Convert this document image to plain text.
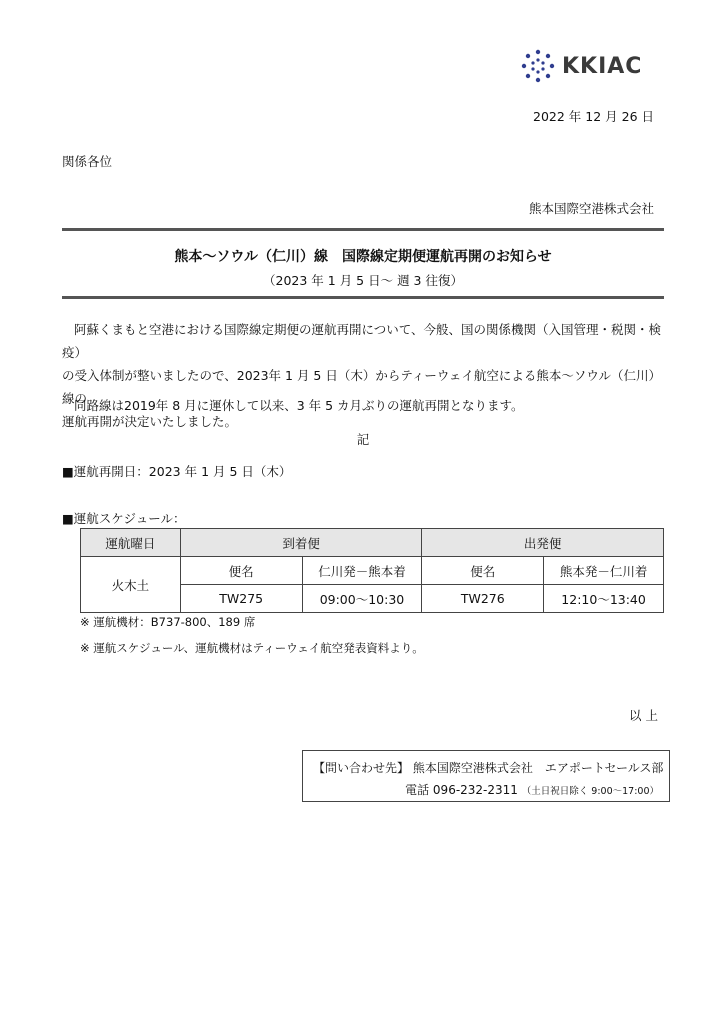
KKIAC
2022 年 12 月 26 日
関係各位
熊本国際空港株式会社
熊本～ソウル（仁川）線　国際線定期便運航再開のお知らせ
（2023 年 1 月 5 日～ 週 3 往復）
阿蘇くまもと空港における国際線定期便の運航再開について、今般、国の関係機関（入国管理・税関・検疫）
の受入体制が整いましたので、2023年 1 月 5 日（木）からティーウェイ航空による熊本～ソウル（仁川）線の
運航再開が決定いたしました。
同路線は2019年 8 月に運休して以来、3 年 5 カ月ぶりの運航再開となります。
記
■運航再開日：2023 年 1 月 5 日（木）
■運航スケジュール：
運航曜日	到着便		出発便	
火木土	便名	仁川発－熊本着	便名	熊本発－仁川着
	TW275	09:00～10:30	TW276	12:10～13:40
※ 運航機材：B737-800、189 席
※ 運航スケジュール、運航機材はティーウェイ航空発表資料より。
以 上
【問い合わせ先】 熊本国際空港株式会社　エアポートセールス部
電話 096-232-2311 （土日祝日除く 9:00～17:00）
